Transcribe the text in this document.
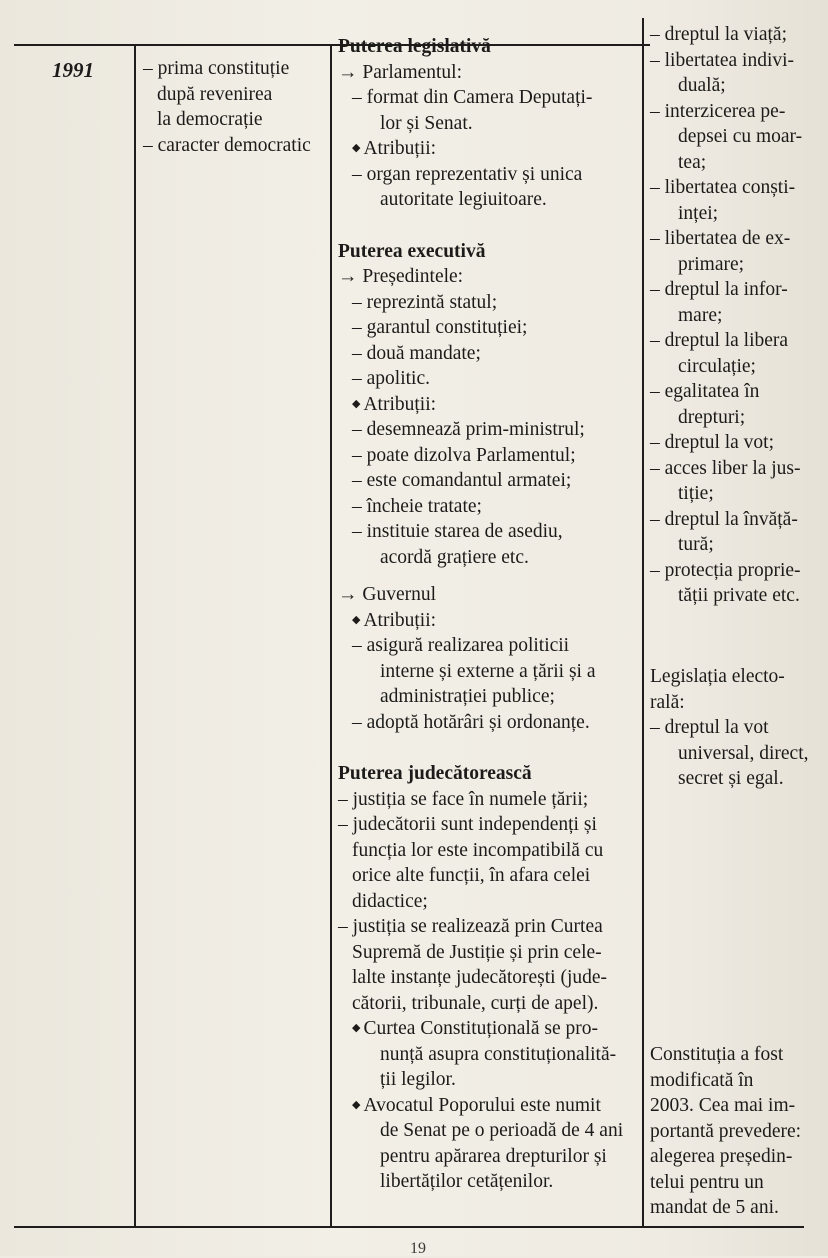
1991	– prima constituție
după revenirea
la democrație
– caracter democratic
Puterea legislativă
→ Parlamentul:
– format din Camera Deputați-
lor și Senat.
◆ Atribuții:
– organ reprezentativ și unica
autoritate legiuitoare.
Puterea executivă
→ Președintele:
– reprezintă statul;
– garantul constituției;
– două mandate;
– apolitic.
◆ Atribuții:
– desemnează prim-ministrul;
– poate dizolva Parlamentul;
– este comandantul armatei;
– încheie tratate;
– instituie starea de asediu,
acordă grațiere etc.
→ Guvernul
◆ Atribuții:
– asigură realizarea politicii
interne și externe a țării și a
administrației publice;
– adoptă hotărâri și ordonanțe.
Puterea judecătorească
– justiția se face în numele țării;
– judecătorii sunt independenți și
funcția lor este incompatibilă cu
orice alte funcții, în afara celei
didactice;
– justiția se realizează prin Curtea
Supremă de Justiție și prin cele-
lalte instanțe judecătorești (jude-
cătorii, tribunale, curți de apel).
◆ Curtea Constituțională se pro-
nunță asupra constituționalită-
ții legilor.
◆ Avocatul Poporului este numit
de Senat pe o perioadă de 4 ani
pentru apărarea drepturilor și
libertăților cetățenilor.
– dreptul la viață;
– libertatea indivi-
duală;
– interzicerea pe-
depsei cu moar-
tea;
– libertatea conști-
inței;
– libertatea de ex-
primare;
– dreptul la infor-
mare;
– dreptul la libera
circulație;
– egalitatea în
drepturi;
– dreptul la vot;
– acces liber la jus-
tiție;
– dreptul la învăță-
tură;
– protecția proprie-
tății private etc.
Legislația electo-
rală:
– dreptul la vot
universal, direct,
secret și egal.
Constituția a fost
modificată în
2003. Cea mai im-
portantă prevedere:
alegerea președin-
telui pentru un
mandat de 5 ani.
19
